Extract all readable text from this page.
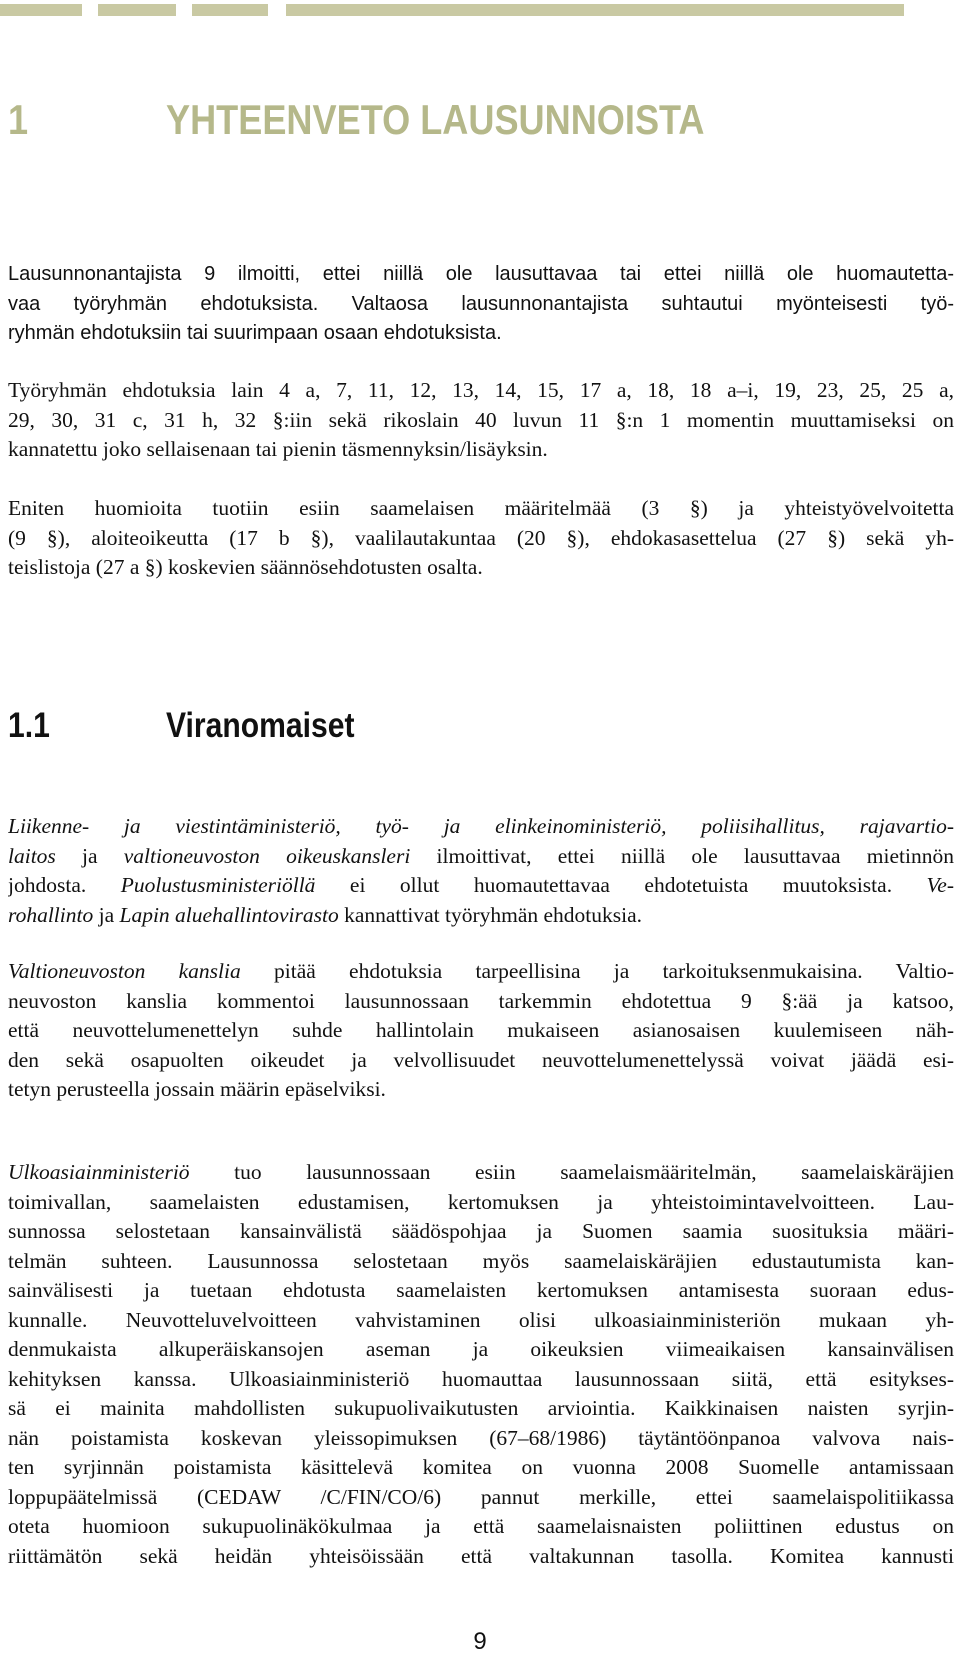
1	YHTEENVETO LAUSUNNOISTA
Lausunnonantajista 9 ilmoitti, ettei niillä ole lausuttavaa tai ettei niillä ole huomautetta-
vaa työryhmän ehdotuksista. Valtaosa lausunnonantajista suhtautui myönteisesti työ-
ryhmän ehdotuksiin tai suurimpaan osaan ehdotuksista.
Työryhmän ehdotuksia lain 4 a, 7, 11, 12, 13, 14, 15, 17 a, 18, 18 a–i, 19, 23, 25, 25 a,
29, 30, 31 c, 31 h, 32 §:iin sekä rikoslain 40 luvun 11 §:n 1 momentin muuttamiseksi on
kannatettu joko sellaisenaan tai pienin täsmennyksin/lisäyksin.
Eniten huomioita tuotiin esiin saamelaisen määritelmää (3 §) ja yhteistyövelvoitetta
(9 §), aloiteoikeutta (17 b §), vaalilautakuntaa (20 §), ehdokasasettelua (27 §) sekä yh-
teislistoja (27 a §) koskevien säännösehdotusten osalta.
1.1	Viranomaiset
Liikenne- ja viestintäministeriö, työ- ja elinkeinoministeriö, poliisihallitus, rajavartio-
laitos ja valtioneuvoston oikeuskansleri ilmoittivat, ettei niillä ole lausuttavaa mietinnön
johdosta. Puolustusministeriöllä ei ollut huomautettavaa ehdotetuista muutoksista. Ve-
rohallinto ja Lapin aluehallintovirasto kannattivat työryhmän ehdotuksia.
Valtioneuvoston kanslia pitää ehdotuksia tarpeellisina ja tarkoituksenmukaisina. Valtio-
neuvoston kanslia kommentoi lausunnossaan tarkemmin ehdotettua 9 §:ää ja katsoo,
että neuvottelumenettelyn suhde hallintolain mukaiseen asianosaisen kuulemiseen näh-
den sekä osapuolten oikeudet ja velvollisuudet neuvottelumenettelyssä voivat jäädä esi-
tetyn perusteella jossain määrin epäselviksi.
Ulkoasiainministeriö tuo lausunnossaan esiin saamelaismääritelmän, saamelaiskäräjien
toimivallan, saamelaisten edustamisen, kertomuksen ja yhteistoimintavelvoitteen. Lau-
sunnossa selostetaan kansainvälistä säädöspohjaa ja Suomen saamia suosituksia määri-
telmän suhteen. Lausunnossa selostetaan myös saamelaiskäräjien edustautumista kan-
sainvälisesti ja tuetaan ehdotusta saamelaisten kertomuksen antamisesta suoraan edus-
kunnalle. Neuvotteluvelvoitteen vahvistaminen olisi ulkoasiainministeriön mukaan yh-
denmukaista alkuperäiskansojen aseman ja oikeuksien viimeaikaisen kansainvälisen
kehityksen kanssa. Ulkoasiainministeriö huomauttaa lausunnossaan siitä, että esitykses-
sä ei mainita mahdollisten sukupuolivaikutusten arviointia. Kaikkinaisen naisten syrjin-
nän poistamista koskevan yleissopimuksen (67–68/1986) täytäntöönpanoa valvova nais-
ten syrjinnän poistamista käsittelevä komitea on vuonna 2008 Suomelle antamissaan
loppupäätelmissä (CEDAW /C/FIN/CO/6) pannut merkille, ettei saamelaispolitiikassa
oteta huomioon sukupuolinäkökulmaa ja että saamelaisnaisten poliittinen edustus on
riittämätön sekä heidän yhteisöissään että valtakunnan tasolla. Komitea kannusti
9
